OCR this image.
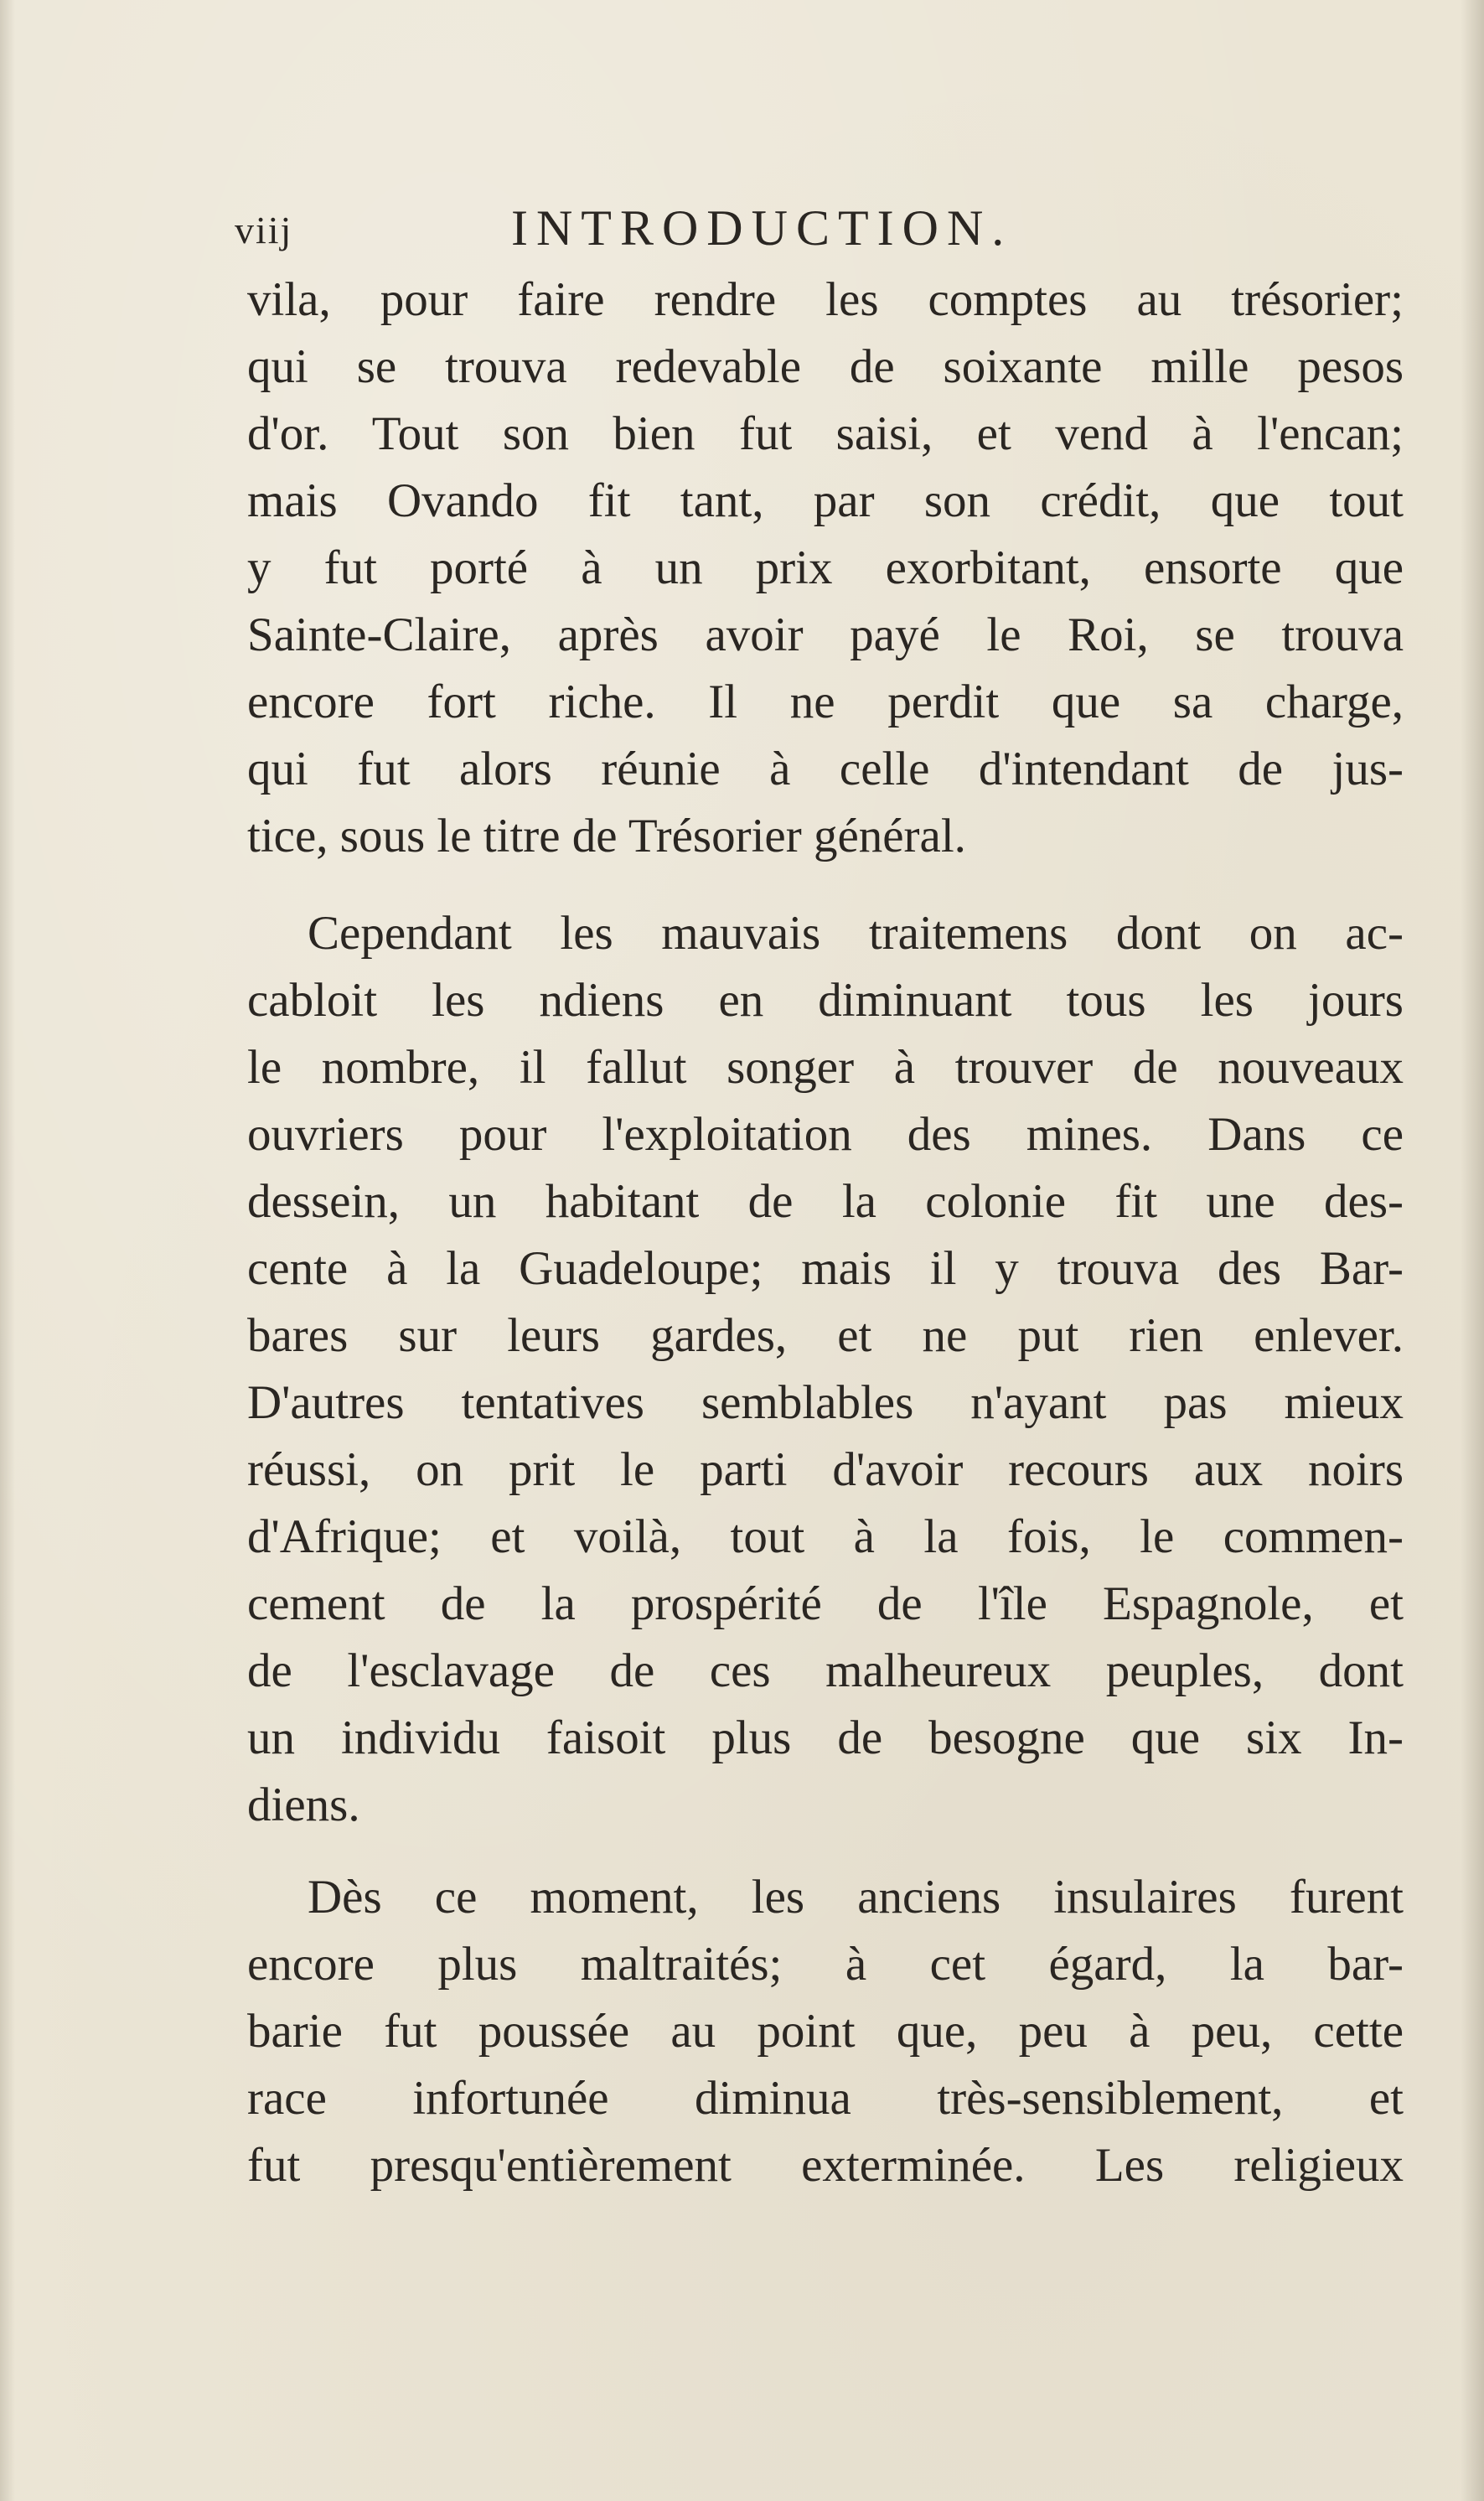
viij	INTRODUCTION.
vila, pour faire rendre les comptes au trésorier;
qui se trouva redevable de soixante mille pesos
d'or. Tout son bien fut saisi, et vend à l'encan;
mais Ovando fit tant, par son crédit, que tout
y fut porté à un prix exorbitant, ensorte que
Sainte-Claire, après avoir payé le Roi, se trouva
encore fort riche. Il ne perdit que sa charge,
qui fut alors réunie à celle d'intendant de jus-
tice, sous le titre de Trésorier général.
Cependant les mauvais traitemens dont on ac-
cabloit les ndiens en diminuant tous les jours
le nombre, il fallut songer à trouver de nouveaux
ouvriers pour l'exploitation des mines. Dans ce
dessein, un habitant de la colonie fit une des-
cente à la Guadeloupe; mais il y trouva des Bar-
bares sur leurs gardes, et ne put rien enlever.
D'autres tentatives semblables n'ayant pas mieux
réussi, on prit le parti d'avoir recours aux noirs
d'Afrique; et voilà, tout à la fois, le commen-
cement de la prospérité de l'île Espagnole, et
de l'esclavage de ces malheureux peuples, dont
un individu faisoit plus de besogne que six In-
diens.
Dès ce moment, les anciens insulaires furent
encore plus maltraités; à cet égard, la bar-
barie fut poussée au point que, peu à peu, cette
race infortunée diminua très-sensiblement, et
fut presqu'entièrement exterminée. Les religieux
